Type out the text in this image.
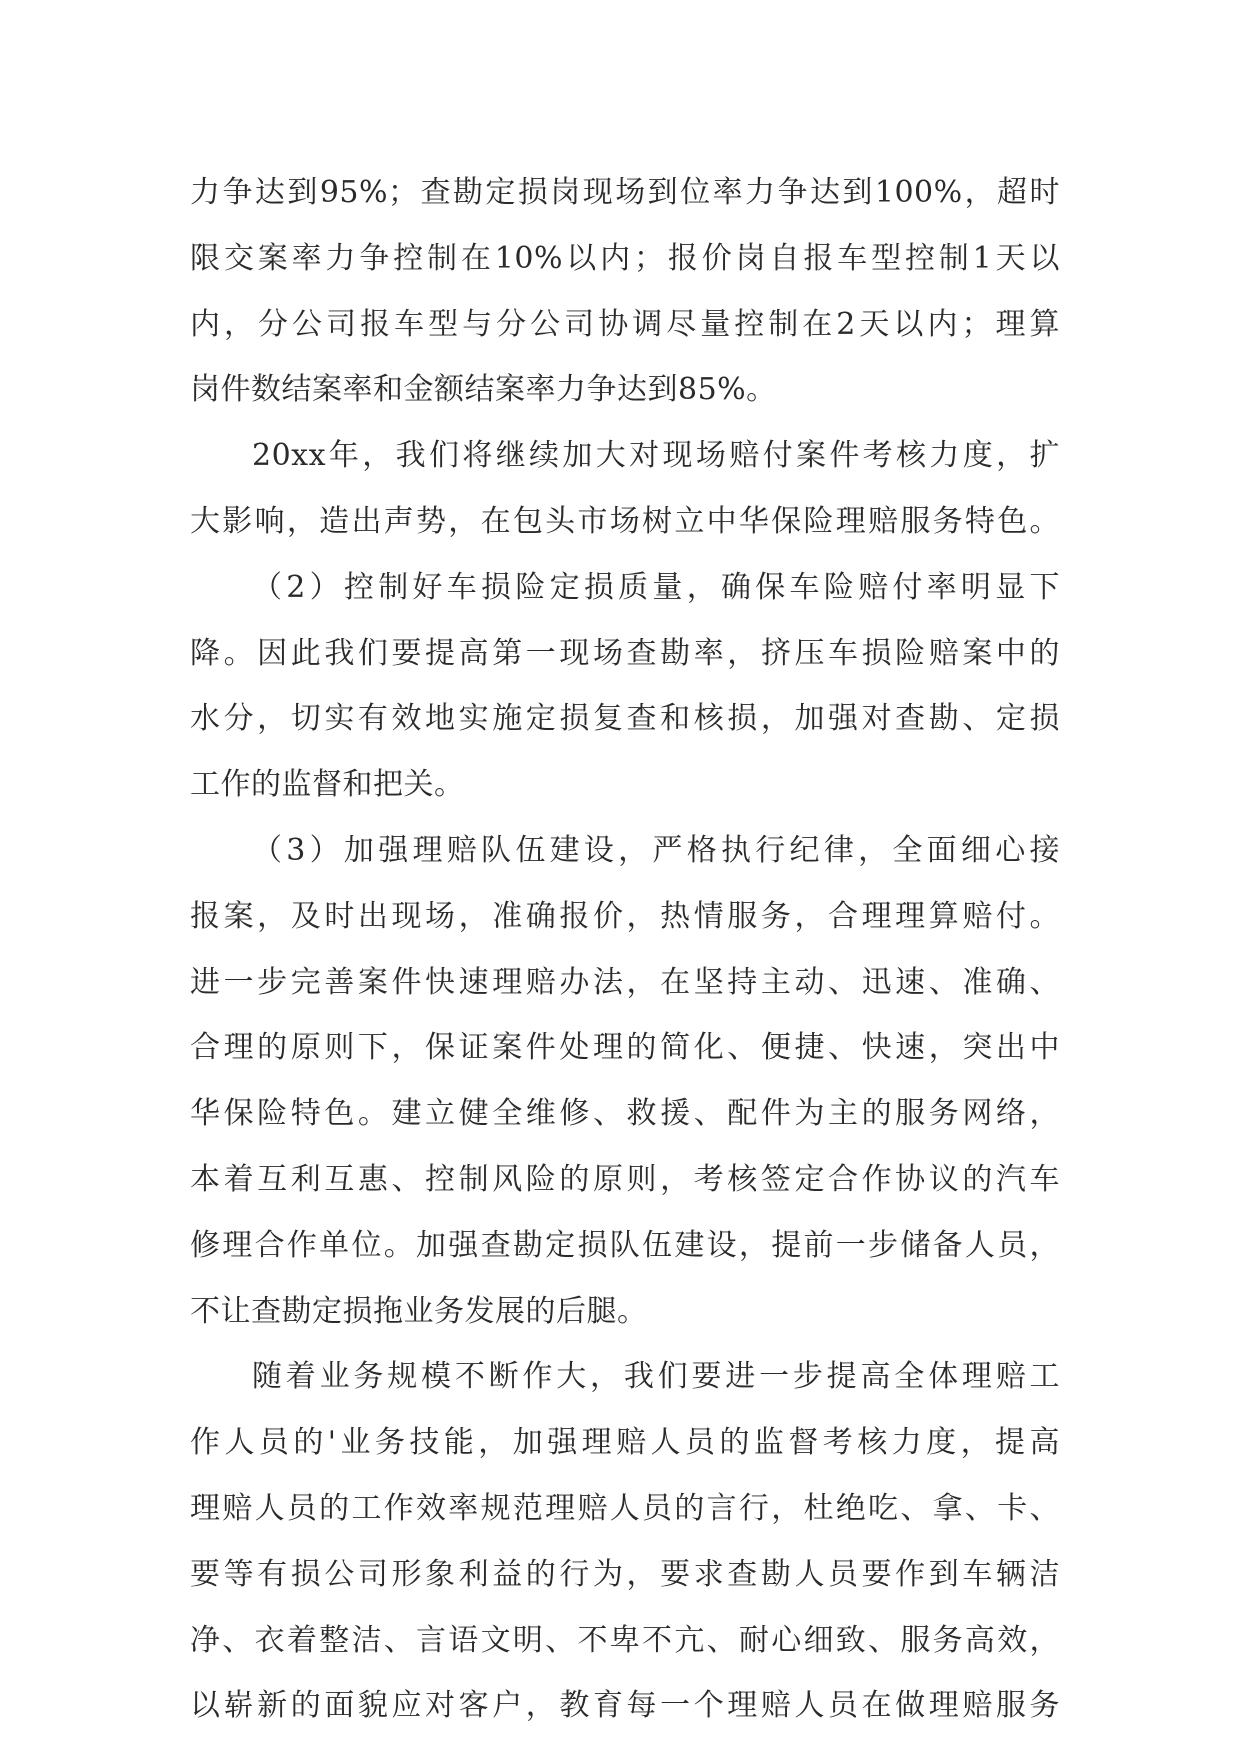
力争达到95%；查勘定损岗现场到位率力争达到100%，超时
限交案率力争控制在10%以内；报价岗自报车型控制1天以
内，分公司报车型与分公司协调尽量控制在2天以内；理算
岗件数结案率和金额结案率力争达到85%。
20xx年，我们将继续加大对现场赔付案件考核力度，扩
大影响，造出声势，在包头市场树立中华保险理赔服务特色。
（2）控制好车损险定损质量，确保车险赔付率明显下
降。因此我们要提高第一现场查勘率，挤压车损险赔案中的
水分，切实有效地实施定损复查和核损，加强对查勘、定损
工作的监督和把关。
（3）加强理赔队伍建设，严格执行纪律，全面细心接
报案，及时出现场，准确报价，热情服务，合理理算赔付。
进一步完善案件快速理赔办法，在坚持主动、迅速、准确、
合理的原则下，保证案件处理的简化、便捷、快速，突出中
华保险特色。建立健全维修、救援、配件为主的服务网络，
本着互利互惠、控制风险的原则，考核签定合作协议的汽车
修理合作单位。加强查勘定损队伍建设，提前一步储备人员，
不让查勘定损拖业务发展的后腿。
随着业务规模不断作大，我们要进一步提高全体理赔工
作人员的'业务技能，加强理赔人员的监督考核力度，提高
理赔人员的工作效率规范理赔人员的言行，杜绝吃、拿、卡、
要等有损公司形象利益的行为，要求查勘人员要作到车辆洁
净、衣着整洁、言语文明、不卑不亢、耐心细致、服务高效，
以崭新的面貌应对客户，教育每一个理赔人员在做理赔服务
